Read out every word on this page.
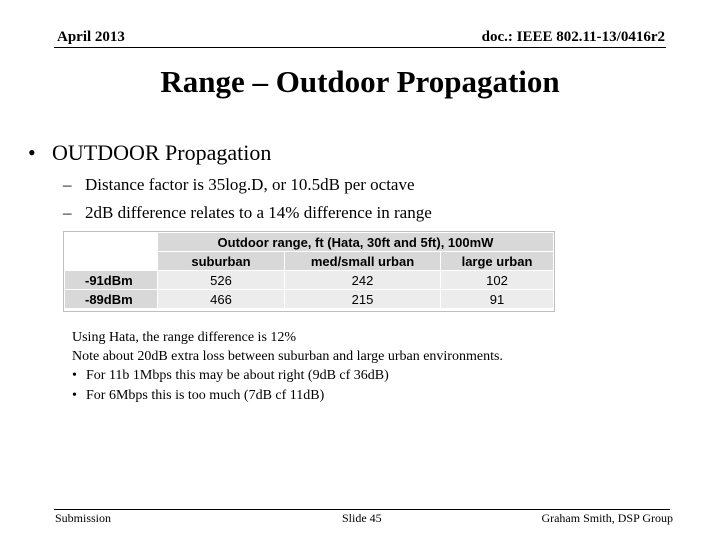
April 2013	doc.: IEEE 802.11-13/0416r2
Range – Outdoor Propagation
• OUTDOOR Propagation
– Distance factor is 35log.D, or 10.5dB per octave
– 2dB difference relates to a 14% difference in range
	Outdoor range, ft (Hata, 30ft and 5ft), 100mW		
	suburban	med/small urban	large urban
-91dBm	526	242	102
-89dBm	466	215	91
Using Hata, the range difference is 12%
Note about 20dB extra loss between suburban and large urban environments.
• For 11b 1Mbps this may be about right (9dB cf 36dB)
• For 6Mbps this is too much (7dB cf 11dB)
Submission	Slide 45	Graham Smith, DSP Group
